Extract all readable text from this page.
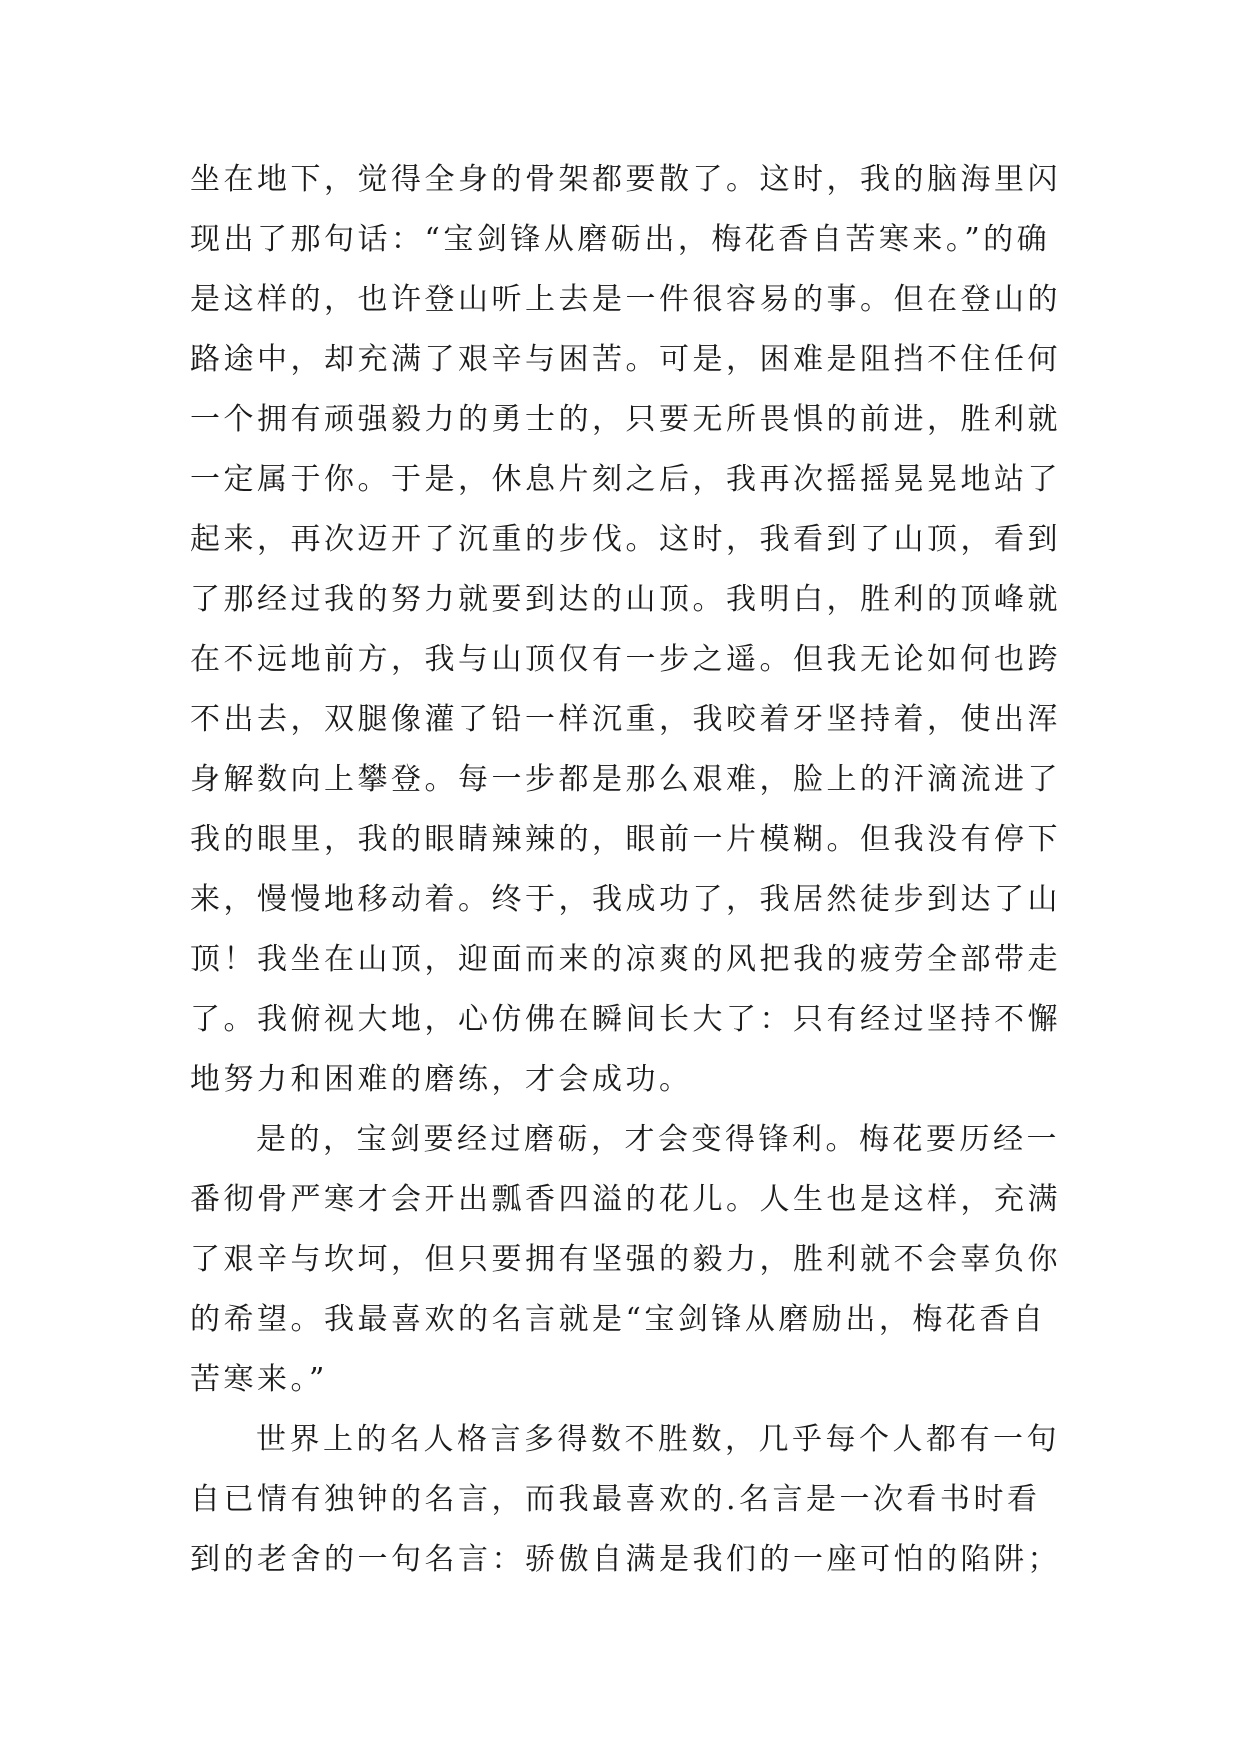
坐在地下，觉得全身的骨架都要散了。这时，我的脑海里闪
现出了那句话：“宝剑锋从磨砺出，梅花香自苦寒来。”的确
是这样的，也许登山听上去是一件很容易的事。但在登山的
路途中，却充满了艰辛与困苦。可是，困难是阻挡不住任何
一个拥有顽强毅力的勇士的，只要无所畏惧的前进，胜利就
一定属于你。于是，休息片刻之后，我再次摇摇晃晃地站了
起来，再次迈开了沉重的步伐。这时，我看到了山顶，看到
了那经过我的努力就要到达的山顶。我明白，胜利的顶峰就
在不远地前方，我与山顶仅有一步之遥。但我无论如何也跨
不出去，双腿像灌了铅一样沉重，我咬着牙坚持着，使出浑
身解数向上攀登。每一步都是那么艰难，脸上的汗滴流进了
我的眼里，我的眼睛辣辣的，眼前一片模糊。但我没有停下
来，慢慢地移动着。终于，我成功了，我居然徒步到达了山
顶！我坐在山顶，迎面而来的凉爽的风把我的疲劳全部带走
了。我俯视大地，心仿佛在瞬间长大了：只有经过坚持不懈
地努力和困难的磨练，才会成功。
是的，宝剑要经过磨砺，才会变得锋利。梅花要历经一
番彻骨严寒才会开出瓢香四溢的花儿。人生也是这样，充满
了艰辛与坎坷，但只要拥有坚强的毅力，胜利就不会辜负你
的希望。我最喜欢的名言就是“宝剑锋从磨励出，梅花香自
苦寒来。”
世界上的名人格言多得数不胜数，几乎每个人都有一句
自已情有独钟的名言，而我最喜欢的.名言是一次看书时看
到的老舍的一句名言：骄傲自满是我们的一座可怕的陷阱；
